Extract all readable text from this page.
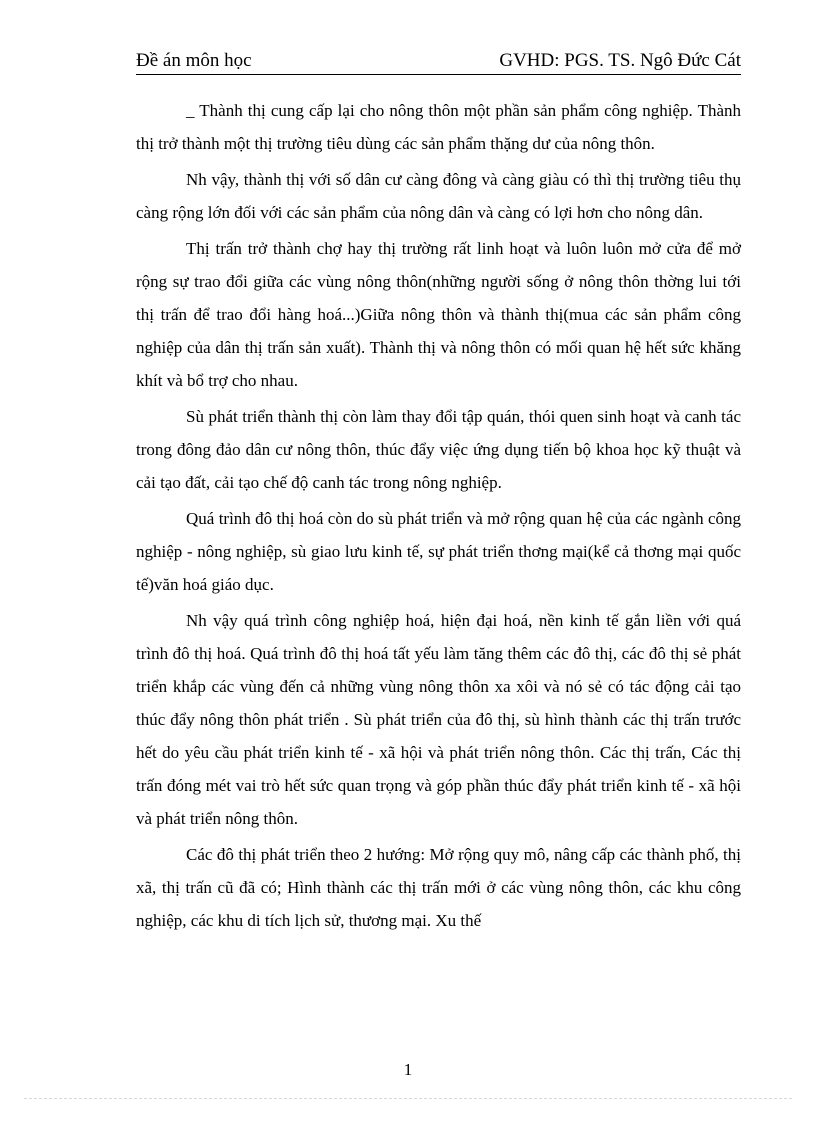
Đề án môn học	GVHD: PGS. TS. Ngô Đức Cát

_ Thành thị cung cấp lại cho nông thôn một phần sản phẩm công nghiệp. Thành thị trở thành một thị trường tiêu dùng các sản phẩm thặng dư của nông thôn.

Nh vậy, thành thị với số dân cư càng đông và càng giàu có thì thị trường tiêu thụ càng rộng lớn đối với các sản phẩm của nông dân và càng có lợi hơn cho nông dân.

Thị trấn trở thành chợ hay thị trường rất linh hoạt và luôn luôn mở cửa để mở rộng sự trao đổi giữa các vùng nông thôn(những người sống ở nông thôn thờng lui tới thị trấn để trao đổi hàng hoá...)Giữa nông thôn và thành thị(mua các sản phẩm công nghiệp của dân thị trấn sản xuất). Thành thị và nông thôn có mối quan hệ hết sức khăng khít và bổ trợ cho nhau.

Sù phát triển thành thị còn làm thay đổi tập quán, thói quen sinh hoạt và canh tác trong đông đảo dân cư nông thôn, thúc đẩy việc ứng dụng tiến bộ khoa học kỹ thuật và cải tạo đất, cải tạo chế độ canh tác trong nông nghiệp.

Quá trình đô thị hoá còn do sù phát triển và mở rộng quan hệ của các ngành công nghiệp - nông nghiệp, sù giao lưu kinh tế, sự phát triển thơng mại(kể cả thơng mại quốc tế)văn hoá giáo dục.

Nh vậy quá trình công nghiệp hoá, hiện đại hoá, nền kinh tế gắn liền với quá trình đô thị hoá. Quá trình đô thị hoá tất yếu làm tăng thêm các đô thị, các đô thị sẻ phát triển khắp các vùng đến cả những vùng nông thôn xa xôi và nó sẻ có tác động cải tạo thúc đẩy nông thôn phát triển . Sù phát triển của đô thị, sù hình thành các thị trấn trước hết do yêu cầu phát triển kinh tế - xã hội và phát triển nông thôn. Các thị trấn, Các thị trấn đóng mét vai trò hết sức quan trọng và góp phần thúc đẩy phát triển kinh tế - xã hội và phát triển nông thôn.

Các đô thị phát triển theo 2 hướng: Mở rộng quy mô, nâng cấp các thành phố, thị xã, thị trấn cũ đã có; Hình thành các thị trấn mới ở các vùng nông thôn, các khu công nghiệp, các khu di tích lịch sử, thương mại. Xu thế

1
